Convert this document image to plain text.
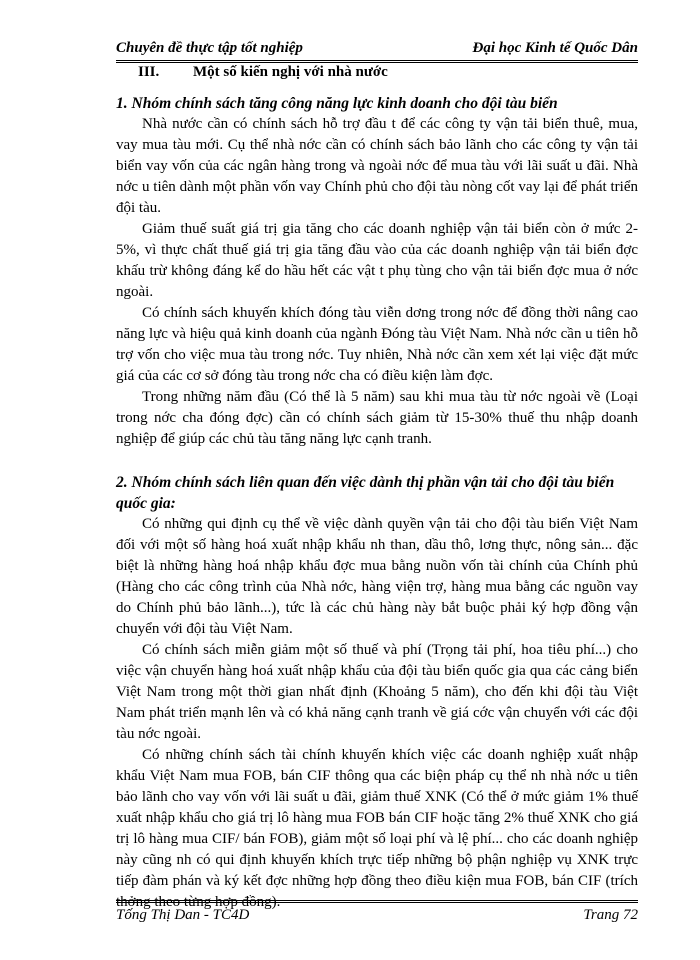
Chuyên đề thực tập tốt nghiệp	Đại học Kinh tế Quốc Dân
III.	Một số kiến nghị với nhà nước
1. Nhóm chính sách tăng công năng lực kinh doanh cho đội tàu biển

Nhà nước cần có chính sách hỗ trợ đầu t để các công ty vận tải biển thuê, mua, vay mua tàu mới. Cụ thể nhà nớc cần có chính sách bảo lãnh cho các công ty vận tải biển vay vốn của các ngân hàng trong và ngoài nớc để mua tàu với lãi suất u đãi. Nhà nớc u tiên dành một phần vốn vay Chính phủ cho đội tàu nòng cốt vay lại để phát triển đội tàu.

Giảm thuế suất giá trị gia tăng cho các doanh nghiệp vận tải biển còn ở mức 2-5%, vì thực chất thuế giá trị gia tăng đầu vào của các doanh nghiệp vận tải biển đợc khấu trừ không đáng kể do hầu hết các vật t phụ tùng cho vận tải biển đợc mua ở nớc ngoài.

Có chính sách khuyến khích đóng tàu viễn dơng trong nớc để đồng thời nâng cao năng lực và hiệu quả kinh doanh của ngành Đóng tàu Việt Nam. Nhà nớc cần u tiên hỗ trợ vốn cho việc mua tàu trong nớc. Tuy nhiên, Nhà nớc cần xem xét lại việc đặt mức giá của các cơ sở đóng tàu trong nớc cha có điều kiện làm đợc.

Trong những năm đầu (Có thể là 5 năm) sau khi mua tàu từ nớc ngoài về (Loại trong nớc cha đóng đợc) cần có chính sách giảm từ 15-30% thuế thu nhập doanh nghiệp để giúp các chủ tàu tăng năng lực cạnh tranh.

2. Nhóm chính sách liên quan đến việc dành thị phần vận tải cho đội tàu biển quốc gia:

Có những qui định cụ thể về việc dành quyền vận tải cho đội tàu biển Việt Nam đối với một số hàng hoá xuất nhập khẩu nh than, dầu thô, lơng thực, nông sản... đặc biệt là những hàng hoá nhập khẩu đợc mua bằng nuồn vốn tài chính của Chính phủ (Hàng cho các công trình của Nhà nớc, hàng viện trợ, hàng mua bằng các nguồn vay do Chính phủ bảo lãnh...), tức là các chủ hàng này bắt buộc phải ký hợp đồng vận chuyển với đội tàu Việt Nam.

Có chính sách miễn giảm một số thuế và phí (Trọng tải phí, hoa tiêu phí...) cho việc vận chuyển hàng hoá xuất nhập khẩu của đội tàu biển quốc gia qua các cảng biển Việt Nam trong một thời gian nhất định (Khoảng 5 năm), cho đến khi đội tàu Việt Nam phát triển mạnh lên và có khả năng cạnh tranh về giá cớc vận chuyển với các đội tàu nớc ngoài.

Có những chính sách tài chính khuyến khích việc các doanh nghiệp xuất nhập khẩu Việt Nam mua FOB, bán CIF thông qua các biện pháp cụ thể nh nhà nớc u tiên bảo lãnh cho vay vốn với lãi suất u đãi, giảm thuế XNK (Có thể ở mức giảm 1% thuế xuất nhập khẩu cho giá trị lô hàng mua FOB bán CIF hoặc tăng 2% thuế XNK cho giá trị lô hàng mua CIF/ bán FOB), giảm một số loại phí và lệ phí... cho các doanh nghiệp này cũng nh có qui định khuyến khích trực tiếp những bộ phận nghiệp vụ XNK trực tiếp đàm phán và ký kết đợc những hợp đồng theo điều kiện mua FOB, bán CIF (trích thởng theo từng hợp đồng).

Tống Thị Dan - TC4D	Trang 72
